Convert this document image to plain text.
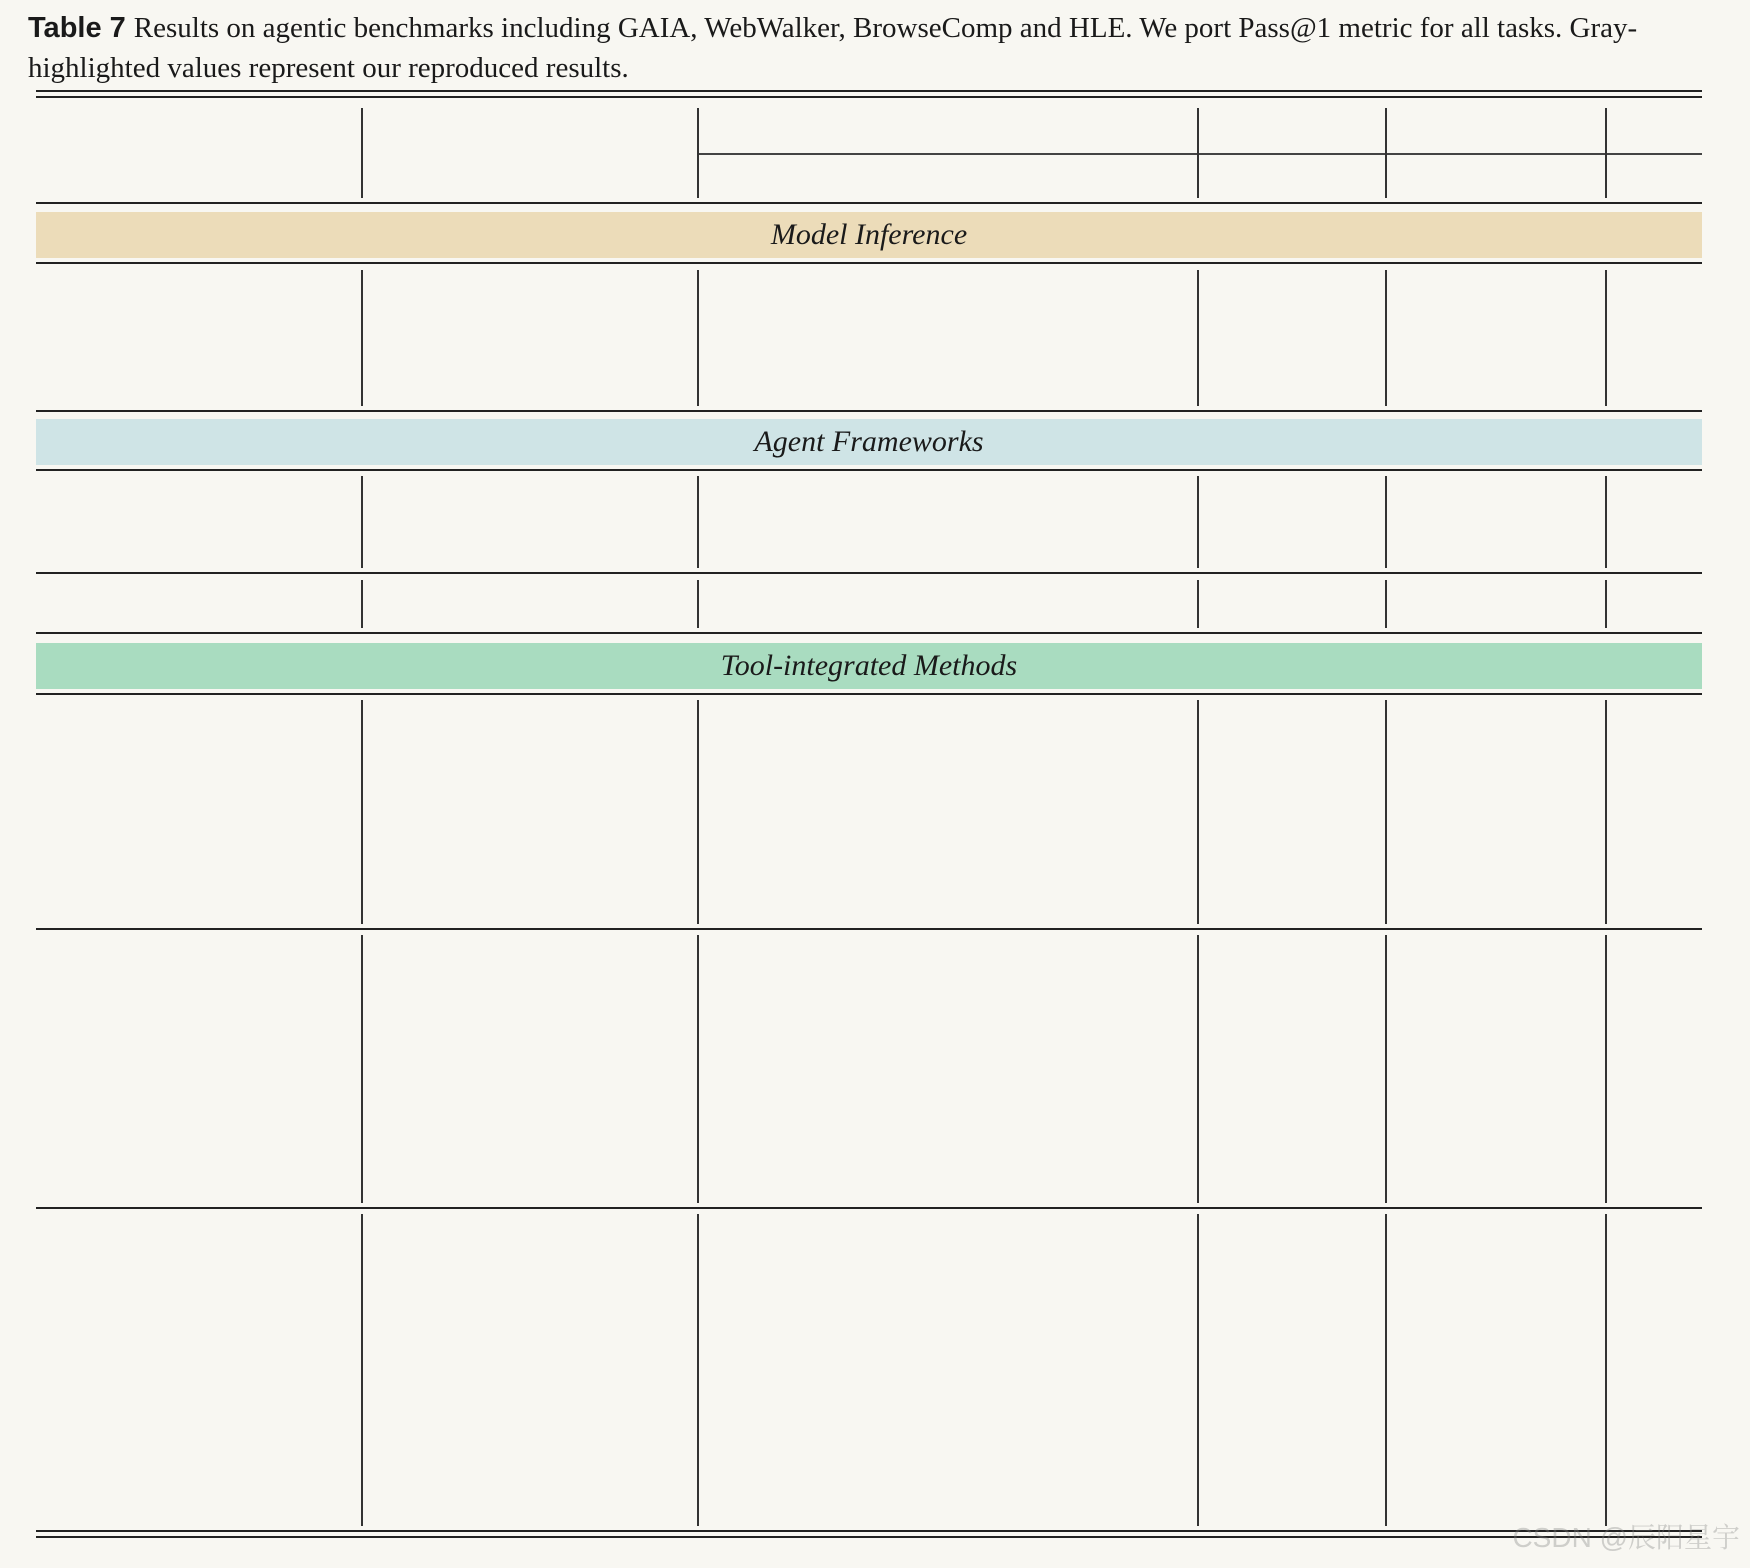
Table 7 Results on agentic benchmarks including GAIA, WebWalker, BrowseComp and HLE. We port Pass@1 metric for all tasks. Gray-highlighted values represent our reproduced results.
Model Inference
Agent Frameworks
Tool-integrated Methods
CSDN @辰阳星宇
